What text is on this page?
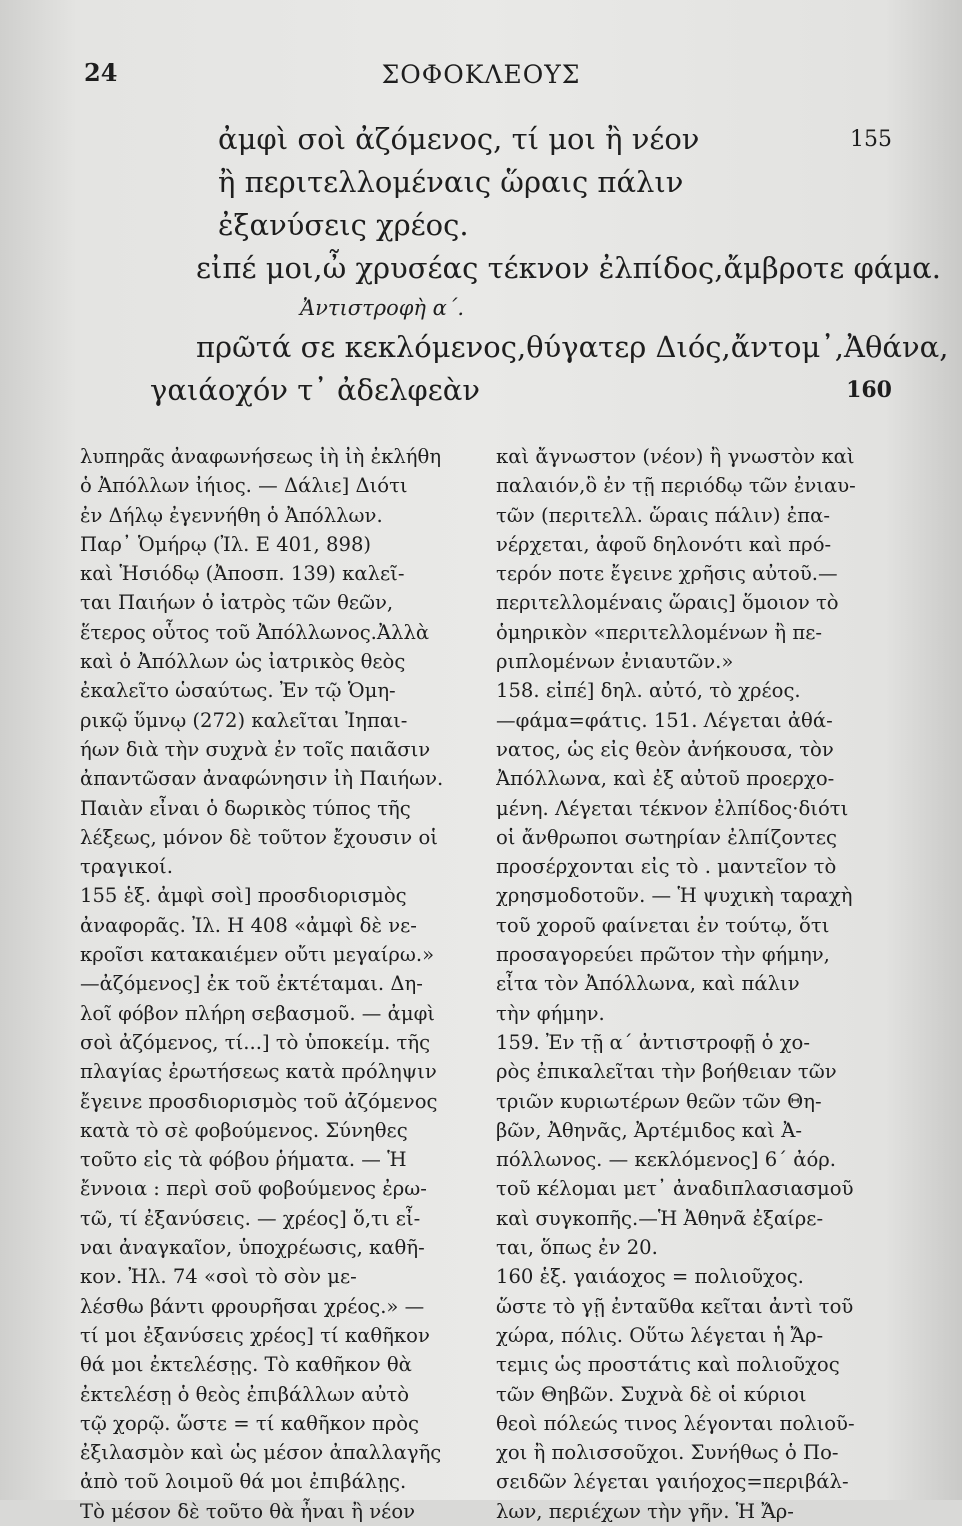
24	ΣΟΦΟΚΛΕΟΥΣ
ἀμφὶ σοὶ ἀζόμενος, τί μοι ἢ νέον	155
ἢ περιτελλομέναις ὥραις πάλιν
ἐξανύσεις χρέος.
εἰπέ μοι,ὦ χρυσέας τέκνον ἐλπίδος,ἄμβροτε φάμα.
Ἀντιστροφὴ α΄.
πρῶτά σε κεκλόμενος,θύγατερ Διός,ἄντομ᾽,Ἀθάνα,
γαιάοχόν τ᾽ ἀδελφεὰν	160
λυπηρᾶς ἀναφωνήσεως ἰὴ ἰὴ ἐκλήθη
ὁ Ἀπόλλων ἰήιος. — Δάλιε] Διότι
ἐν Δήλῳ ἐγεννήθη ὁ Ἀπόλλων.
Παρ᾽ Ὁμήρῳ (Ἰλ. Ε 401, 898)
καὶ Ἡσιόδῳ (Ἀποσπ. 139) καλεῖ-
ται Παιήων ὁ ἰατρὸς τῶν θεῶν,
ἕτερος οὗτος τοῦ Ἀπόλλωνος.Ἀλλὰ
καὶ ὁ Ἀπόλλων ὡς ἰατρικὸς θεὸς
ἐκαλεῖτο ὡσαύτως. Ἐν τῷ Ὁμη-
ρικῷ ὕμνῳ (272) καλεῖται Ἰηπαι-
ήων διὰ τὴν συχνὰ ἐν τοῖς παιᾶσιν
ἀπαντῶσαν ἀναφώνησιν ἰὴ Παιήων.
Παιὰν εἶναι ὁ δωρικὸς τύπος τῆς
λέξεως, μόνον δὲ τοῦτον ἔχουσιν οἱ
τραγικοί.
155 ἑξ. ἀμφὶ σοὶ] προσδιορισμὸς
ἀναφορᾶς. Ἰλ. Η 408 «ἀμφὶ δὲ νε-
κροῖσι κατακαιέμεν οὔτι μεγαίρω.»
—ἀζόμενος] ἐκ τοῦ ἐκτέταμαι. Δη-
λοῖ φόβον πλήρη σεβασμοῦ. — ἀμφὶ
σοὶ ἀζόμενος, τί...] τὸ ὑποκείμ. τῆς
πλαγίας ἐρωτήσεως κατὰ πρόληψιν
ἔγεινε προσδιορισμὸς τοῦ ἀζόμενος
κατὰ τὸ σὲ φοβούμενος. Σύνηθες
τοῦτο εἰς τὰ φόβου ῥήματα. — Ἡ
ἔννοια : περὶ σοῦ φοβούμενος ἐρω-
τῶ, τί ἐξανύσεις. — χρέος] ὅ,τι εἶ-
ναι ἀναγκαῖον, ὑποχρέωσις, καθῆ-
κον. Ἠλ. 74 «σοὶ τὸ σὸν με-
λέσθω βάντι φρουρῆσαι χρέος.» —
τί μοι ἐξανύσεις χρέος] τί καθῆκον
θά μοι ἐκτελέσῃς. Τὸ καθῆκον θὰ
ἐκτελέσῃ ὁ θεὸς ἐπιβάλλων αὐτὸ
τῷ χορῷ. ὥστε = τί καθῆκον πρὸς
ἐξιλασμὸν καὶ ὡς μέσον ἀπαλλαγῆς
ἀπὸ τοῦ λοιμοῦ θά μοι ἐπιβάλῃς.
Τὸ μέσον δὲ τοῦτο θὰ ἦναι ἢ νέον
καὶ ἄγνωστον (νέον) ἢ γνωστὸν καὶ
παλαιόν,ὃ ἐν τῇ περιόδῳ τῶν ἐνιαυ-
τῶν (περιτελλ. ὥραις πάλιν) ἐπα-
νέρχεται, ἀφοῦ δηλονότι καὶ πρό-
τερόν ποτε ἔγεινε χρῆσις αὐτοῦ.—
περιτελλομέναις ὥραις] ὅμοιον τὸ
ὁμηρικὸν «περιτελλομένων ἢ πε-
ριπλομένων ἐνιαυτῶν.»
158. εἰπέ] δηλ. αὐτό, τὸ χρέος.
—φάμα=φάτις. 151. Λέγεται ἀθά-
νατος, ὡς εἰς θεὸν ἀνήκουσα, τὸν
Ἀπόλλωνα, καὶ ἐξ αὐτοῦ προερχο-
μένη. Λέγεται τέκνον ἐλπίδος·διότι
οἱ ἄνθρωποι σωτηρίαν ἐλπίζοντες
προσέρχονται εἰς τὸ . μαντεῖον τὸ
χρησμοδοτοῦν. — Ἡ ψυχικὴ ταραχὴ
τοῦ χοροῦ φαίνεται ἐν τούτῳ, ὅτι
προσαγορεύει πρῶτον τὴν φήμην,
εἶτα τὸν Ἀπόλλωνα, καὶ πάλιν
τὴν φήμην.
159. Ἐν τῇ α΄ ἀντιστροφῇ ὁ χο-
ρὸς ἐπικαλεῖται τὴν βοήθειαν τῶν
τριῶν κυριωτέρων θεῶν τῶν Θη-
βῶν, Ἀθηνᾶς, Ἀρτέμιδος καὶ Ἀ-
πόλλωνος. — κεκλόμενος] 6΄ ἀόρ.
τοῦ κέλομαι μετ᾽ ἀναδιπλασιασμοῦ
καὶ συγκοπῆς.—Ἡ Ἀθηνᾶ ἐξαίρε-
ται, ὅπως ἐν 20.
160 ἑξ. γαιάοχος = πολιοῦχος.
ὥστε τὸ γῇ ἐνταῦθα κεῖται ἀντὶ τοῦ
χώρα, πόλις. Οὕτω λέγεται ἡ Ἄρ-
τεμις ὡς προστάτις καὶ πολιοῦχος
τῶν Θηβῶν. Συχνὰ δὲ οἱ κύριοι
θεοὶ πόλεώς τινος λέγονται πολιοῦ-
χοι ἢ πολισσοῦχοι. Συνήθως ὁ Πο-
σειδῶν λέγεται γαιήοχος=περιβάλ-
λων, περιέχων τὴν γῆν. Ἡ Ἄρ-
